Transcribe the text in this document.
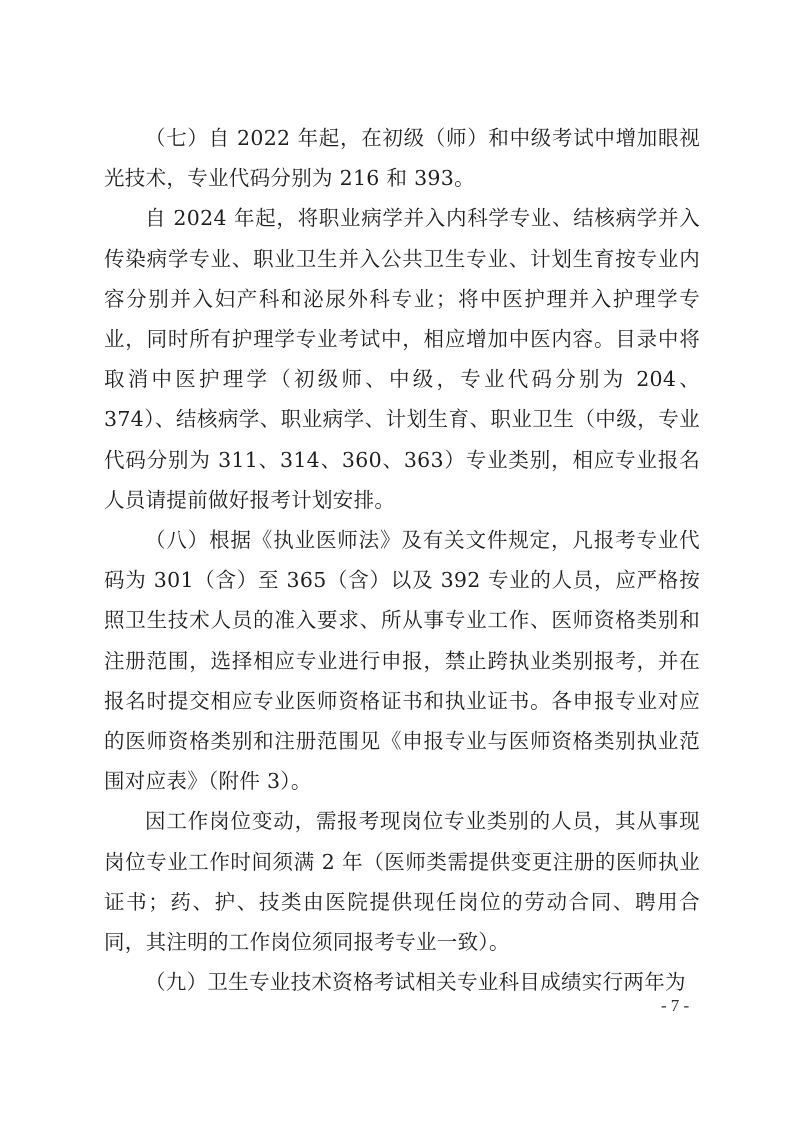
（七）自 2022 年起，在初级（师）和中级考试中增加眼视光技术，专业代码分别为 216 和 393。

自 2024 年起，将职业病学并入内科学专业、结核病学并入传染病学专业、职业卫生并入公共卫生专业、计划生育按专业内容分别并入妇产科和泌尿外科专业；将中医护理并入护理学专业，同时所有护理学专业考试中，相应增加中医内容。目录中将取消中医护理学（初级师、中级，专业代码分别为 204、374）、结核病学、职业病学、计划生育、职业卫生（中级，专业代码分别为 311、314、360、363）专业类别，相应专业报名人员请提前做好报考计划安排。

（八）根据《执业医师法》及有关文件规定，凡报考专业代码为 301（含）至 365（含）以及 392 专业的人员，应严格按照卫生技术人员的准入要求、所从事专业工作、医师资格类别和注册范围，选择相应专业进行申报，禁止跨执业类别报考，并在报名时提交相应专业医师资格证书和执业证书。各申报专业对应的医师资格类别和注册范围见《申报专业与医师资格类别执业范围对应表》（附件 3）。

因工作岗位变动，需报考现岗位专业类别的人员，其从事现岗位专业工作时间须满 2 年（医师类需提供变更注册的医师执业证书；药、护、技类由医院提供现任岗位的劳动合同、聘用合同，其注明的工作岗位须同报考专业一致）。

（九）卫生专业技术资格考试相关专业科目成绩实行两年为

- 7 -
